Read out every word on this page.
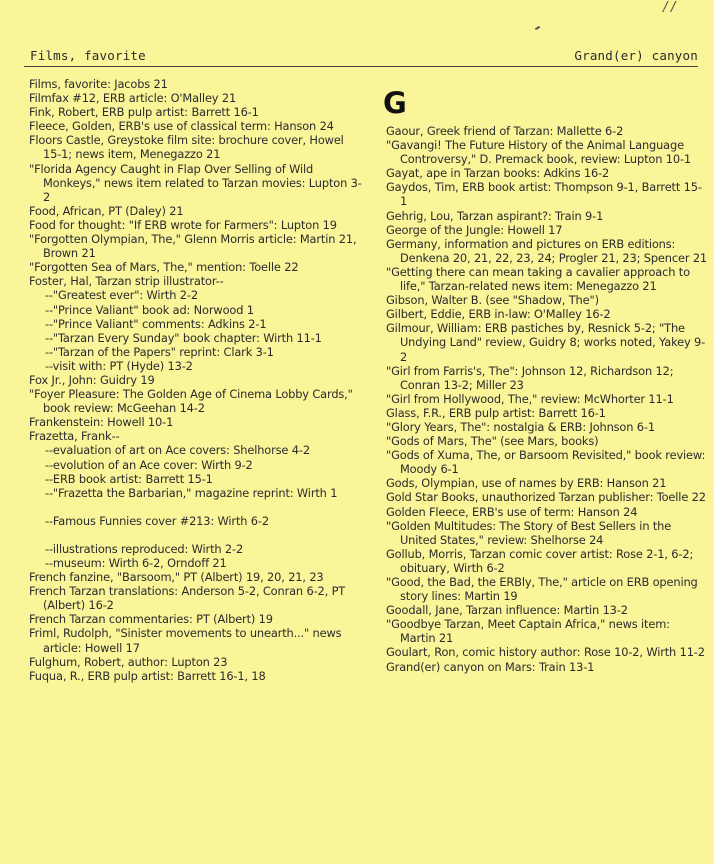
//
Films, favorite	Grand(er) canyon

Films, favorite: Jacobs 21

Filmfax #12, ERB article: O'Malley 21

Fink, Robert, ERB pulp artist: Barrett 16-1

Fleece, Golden, ERB's use of classical term: Hanson 24

Floors Castle, Greystoke film site: brochure cover, Howel 15-1; news item, Menegazzo 21

"Florida Agency Caught in Flap Over Selling of Wild Monkeys," news item related to Tarzan movies: Lupton 3-2

Food, African, PT (Daley) 21

Food for thought: "If ERB wrote for Farmers": Lupton 19

"Forgotten Olympian, The," Glenn Morris article: Martin 21, Brown 21

"Forgotten Sea of Mars, The," mention: Toelle 22

Foster, Hal, Tarzan strip illustrator--

--"Greatest ever": Wirth 2-2

--"Prince Valiant" book ad: Norwood 1

--"Prince Valiant" comments: Adkins 2-1

--"Tarzan Every Sunday" book chapter: Wirth 11-1

--"Tarzan of the Papers" reprint: Clark 3-1

--visit with: PT (Hyde) 13-2

Fox Jr., John: Guidry 19

"Foyer Pleasure: The Golden Age of Cinema Lobby Cards," book review: McGeehan 14-2

Frankenstein: Howell 10-1

Frazetta, Frank--

--evaluation of art on Ace covers: Shelhorse 4-2

--evolution of an Ace cover: Wirth 9-2

--ERB book artist: Barrett 15-1

--"Frazetta the Barbarian," magazine reprint: Wirth 1

--Famous Funnies cover #213: Wirth 6-2

--illustrations reproduced: Wirth 2-2

--museum: Wirth 6-2, Orndoff 21

French fanzine, "Barsoom," PT (Albert) 19, 20, 21, 23

French Tarzan translations: Anderson 5-2, Conran 6-2, PT (Albert) 16-2

French Tarzan commentaries: PT (Albert) 19

Friml, Rudolph, "Sinister movements to unearth..." news article: Howell 17

Fulghum, Robert, author: Lupton 23

Fuqua, R., ERB pulp artist: Barrett 16-1, 18

G

Gaour, Greek friend of Tarzan: Mallette 6-2

"Gavangi! The Future History of the Animal Language Controversy," D. Premack book, review: Lupton 10-1

Gayat, ape in Tarzan books: Adkins 16-2

Gaydos, Tim, ERB book artist: Thompson 9-1, Barrett 15-1

Gehrig, Lou, Tarzan aspirant?: Train 9-1

George of the Jungle: Howell 17

Germany, information and pictures on ERB editions: Denkena 20, 21, 22, 23, 24; Progler 21, 23; Spencer 21

"Getting there can mean taking a cavalier approach to life," Tarzan-related news item: Menegazzo 21

Gibson, Walter B. (see "Shadow, The")

Gilbert, Eddie, ERB in-law: O'Malley 16-2

Gilmour, William: ERB pastiches by, Resnick 5-2; "The Undying Land" review, Guidry 8; works noted, Yakey 9-2

"Girl from Farris's, The": Johnson 12, Richardson 12; Conran 13-2; Miller 23

"Girl from Hollywood, The," review: McWhorter 11-1

Glass, F.R., ERB pulp artist: Barrett 16-1

"Glory Years, The": nostalgia & ERB: Johnson 6-1

"Gods of Mars, The" (see Mars, books)

"Gods of Xuma, The, or Barsoom Revisited," book review: Moody 6-1

Gods, Olympian, use of names by ERB: Hanson 21

Gold Star Books, unauthorized Tarzan publisher: Toelle 22

Golden Fleece, ERB's use of term: Hanson 24

"Golden Multitudes: The Story of Best Sellers in the United States," review: Shelhorse 24

Gollub, Morris, Tarzan comic cover artist: Rose 2-1, 6-2; obituary, Wirth 6-2

"Good, the Bad, the ERBly, The," article on ERB opening story lines: Martin 19

Goodall, Jane, Tarzan influence: Martin 13-2

"Goodbye Tarzan, Meet Captain Africa," news item: Martin 21

Goulart, Ron, comic history author: Rose 10-2, Wirth 11-2

Grand(er) canyon on Mars: Train 13-1
